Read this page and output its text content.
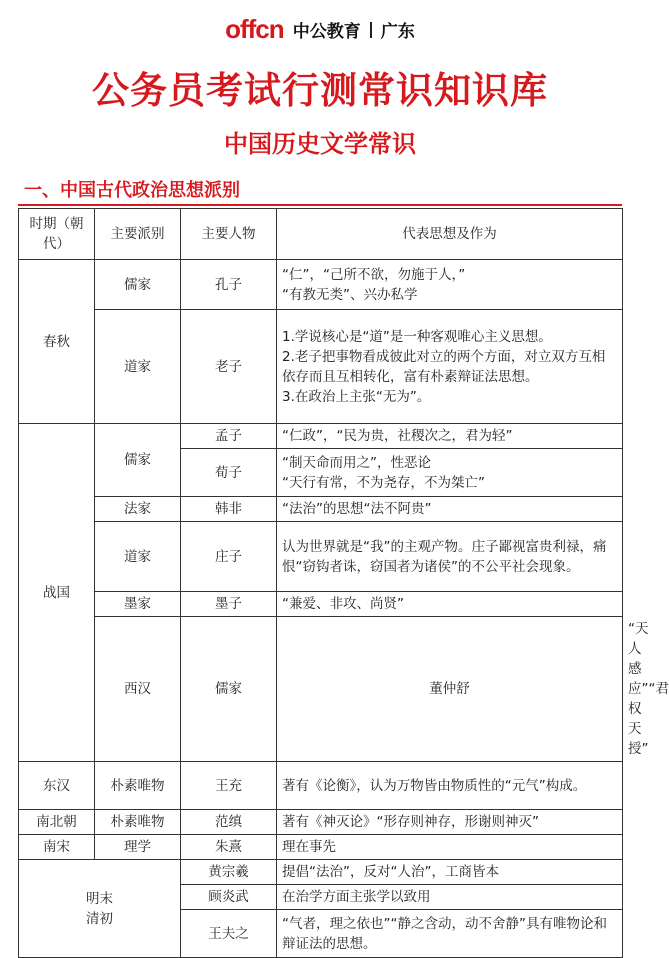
offcn 中公教育 广东
公务员考试行测常识知识库
中国历史文学常识
一、中国古代政治思想派别
时期（朝代）	主要派别	主要人物	代表思想及作为	
春秋	儒家	孔子	“仁”，“己所不欲，勿施于人，”
“有教无类”、兴办私学	

	道家	老子	1.学说核心是“道”是一种客观唯心主义思想。
2.老子把事物看成彼此对立的两个方面，对立双方互相依存而且互相转化，富有朴素辩证法思想。
3.在政治上主张“无为”。	

战国	儒家	孟子	“仁政”，“民为贵，社稷次之，君为轻”	

		荀子	“制天命而用之”，性恶论
“天行有常，不为尧存，不为桀亡”	

	法家	韩非	“法治”的思想“法不阿贵”	

	道家	庄子	认为世界就是“我”的主观产物。庄子鄙视富贵利禄，痛恨“窃钩者诛，窃国者为诸侯”的不公平社会现象。	

	墨家	墨子	“兼爱、非攻、尚贤”	

	西汉	儒家	董仲舒	“天人感应”“君权天授”

东汉	朴素唯物	王充	著有《论衡》，认为万物皆由物质性的“元气”构成。	

南北朝	朴素唯物	范缜	著有《神灭论》“形存则神存，形谢则神灭”	

南宋	理学	朱熹	理在事先	

明末
清初		黄宗羲	提倡“法治”，反对“人治”，工商皆本	

		顾炎武	在治学方面主张学以致用	

		王夫之	“气者，理之依也”“静之含动，动不舍静”具有唯物论和辩证法的思想。	
